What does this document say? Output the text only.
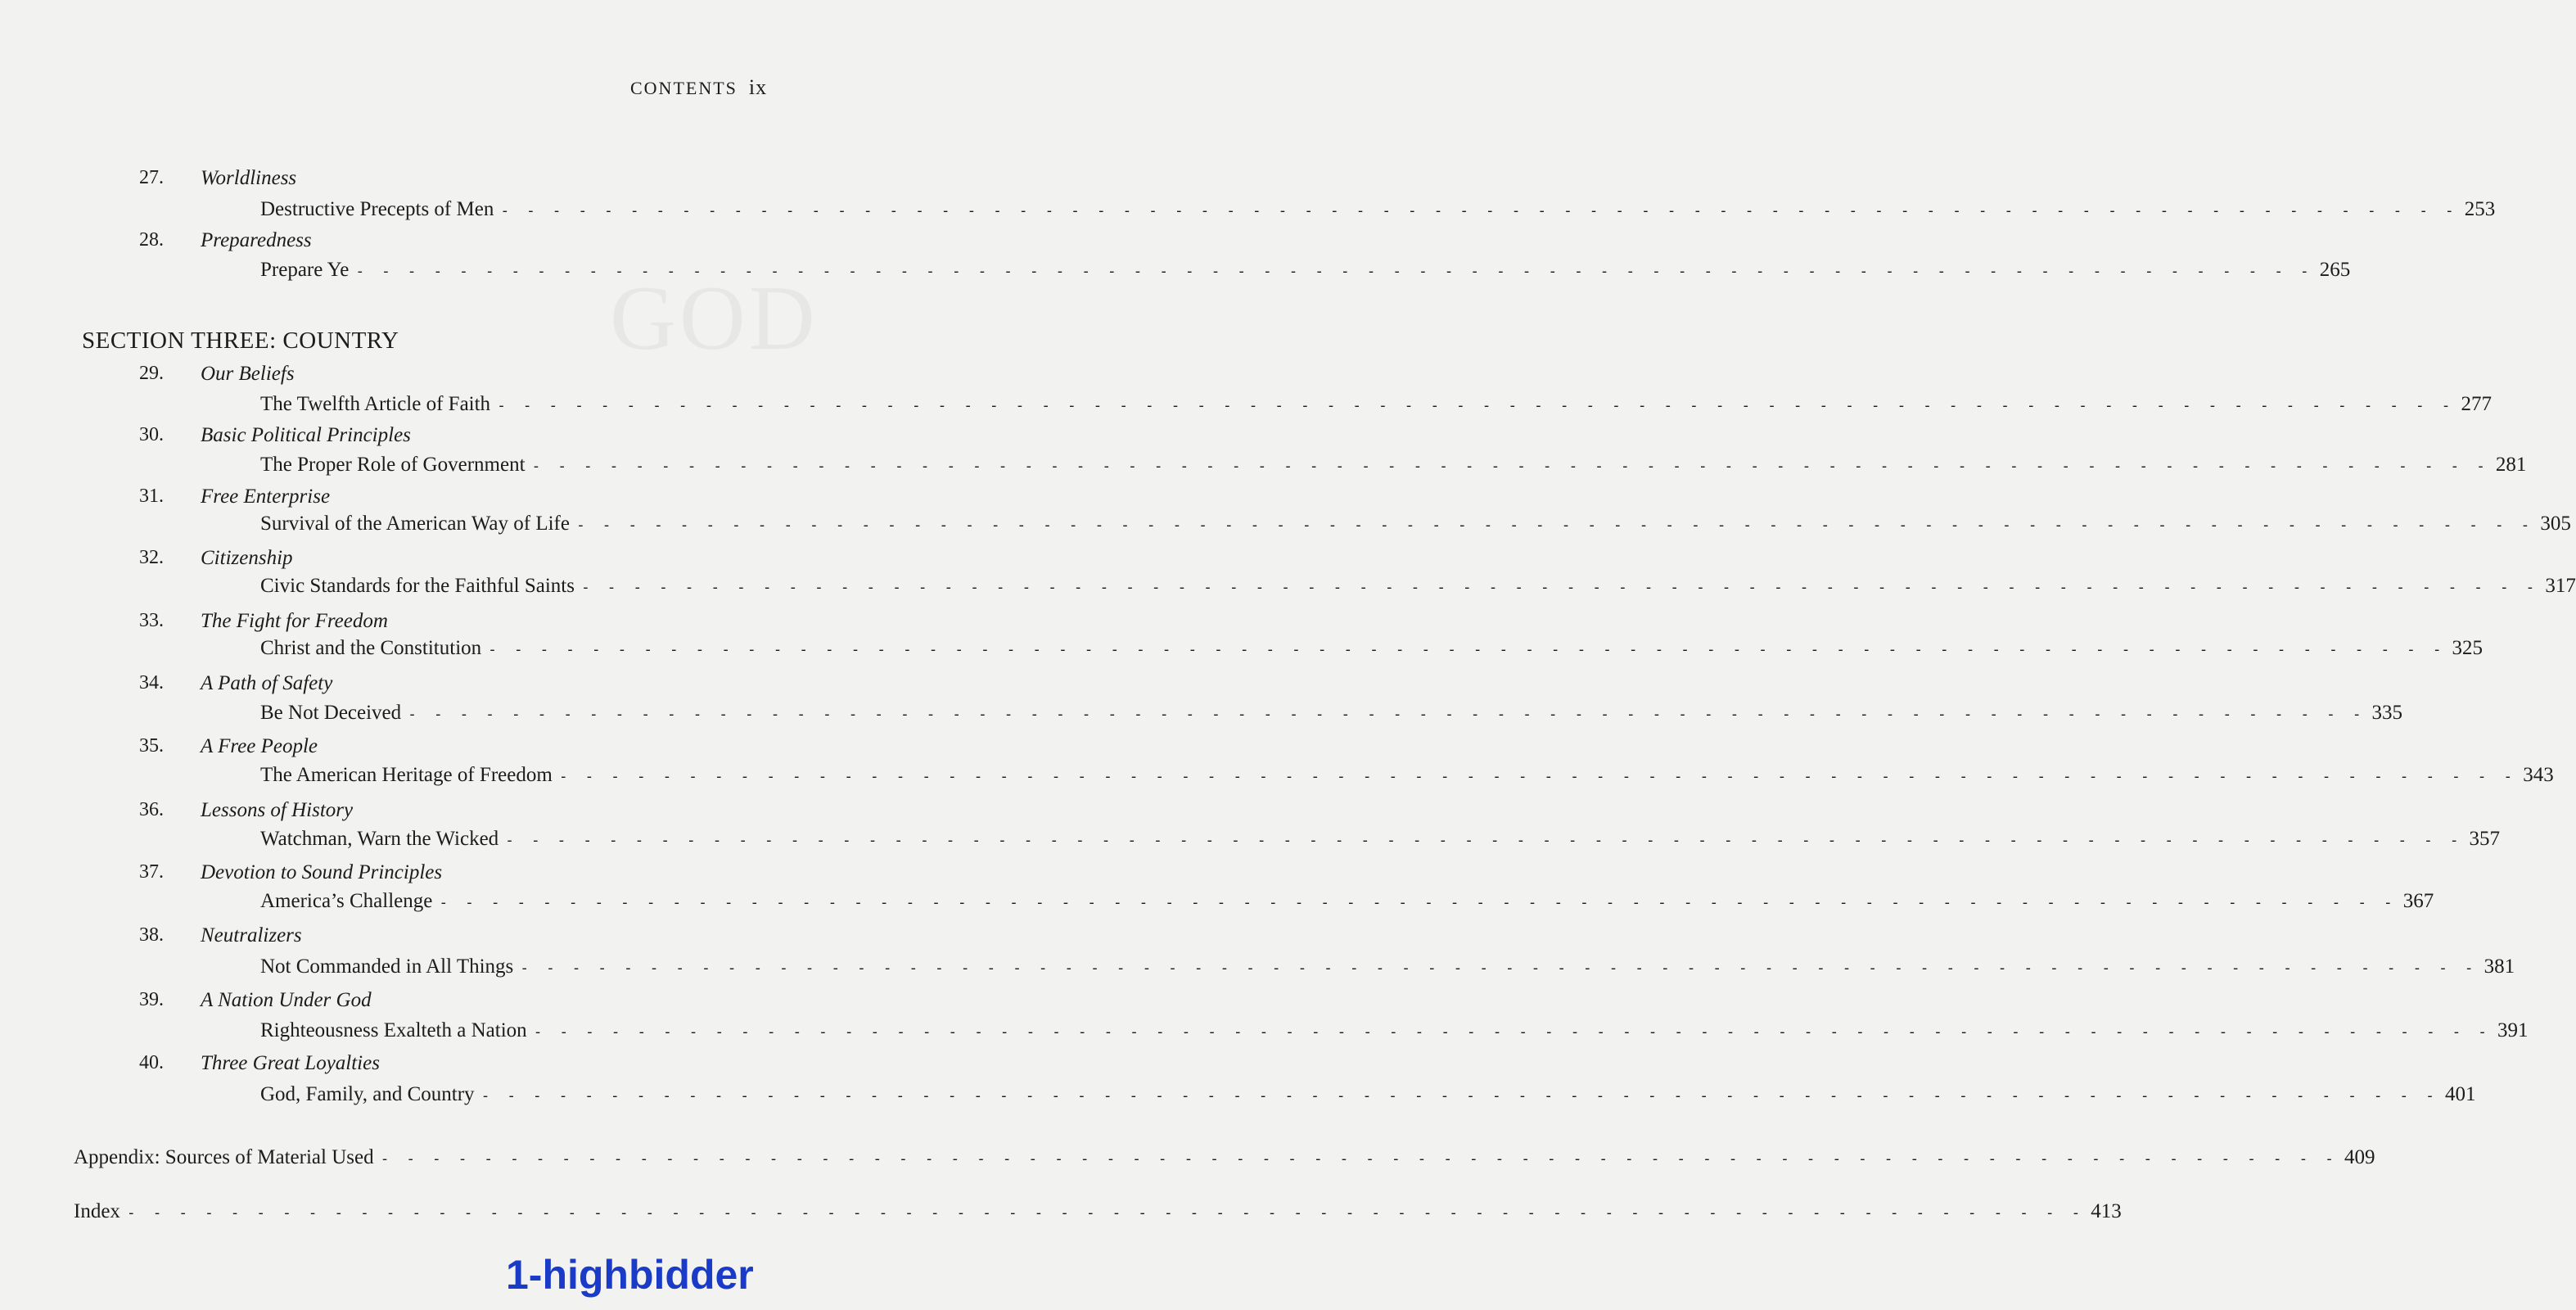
CONTENTS ix
27. Worldliness
Destructive Precepts of Men - - - - - - - - - - - - - - - - - - - - - - - - - - - - - - - - - - - - - - - - - - - - - - - - - - - - - - - - - - - - - - - - - - - - - - - - - - - - 253
28. Preparedness
Prepare Ye - - - - - - - - - - - - - - - - - - - - - - - - - - - - - - - - - - - - - - - - - - - - - - - - - - - - - - - - - - - - - - - - - - - - - - - - - - - - 265
SECTION THREE: COUNTRY
29. Our Beliefs
The Twelfth Article of Faith - - - - - - - - - - - - - - - - - - - - - - - - - - - - - - - - - - - - - - - - - - - - - - - - - - - - - - - - - - - - - - - - - - - - - - - - - - - - 277
30. Basic Political Principles
The Proper Role of Government - - - - - - - - - - - - - - - - - - - - - - - - - - - - - - - - - - - - - - - - - - - - - - - - - - - - - - - - - - - - - - - - - - - - - - - - - - - - 281
31. Free Enterprise
Survival of the American Way of Life - - - - - - - - - - - - - - - - - - - - - - - - - - - - - - - - - - - - - - - - - - - - - - - - - - - - - - - - - - - - - - - - - - - - - - - - - - - - 305
32. Citizenship
Civic Standards for the Faithful Saints - - - - - - - - - - - - - - - - - - - - - - - - - - - - - - - - - - - - - - - - - - - - - - - - - - - - - - - - - - - - - - - - - - - - - - - - - - - - 317
33. The Fight for Freedom
Christ and the Constitution - - - - - - - - - - - - - - - - - - - - - - - - - - - - - - - - - - - - - - - - - - - - - - - - - - - - - - - - - - - - - - - - - - - - - - - - - - - - 325
34. A Path of Safety
Be Not Deceived - - - - - - - - - - - - - - - - - - - - - - - - - - - - - - - - - - - - - - - - - - - - - - - - - - - - - - - - - - - - - - - - - - - - - - - - - - - - 335
35. A Free People
The American Heritage of Freedom - - - - - - - - - - - - - - - - - - - - - - - - - - - - - - - - - - - - - - - - - - - - - - - - - - - - - - - - - - - - - - - - - - - - - - - - - - - - 343
36. Lessons of History
Watchman, Warn the Wicked - - - - - - - - - - - - - - - - - - - - - - - - - - - - - - - - - - - - - - - - - - - - - - - - - - - - - - - - - - - - - - - - - - - - - - - - - - - - 357
37. Devotion to Sound Principles
America’s Challenge - - - - - - - - - - - - - - - - - - - - - - - - - - - - - - - - - - - - - - - - - - - - - - - - - - - - - - - - - - - - - - - - - - - - - - - - - - - - 367
38. Neutralizers
Not Commanded in All Things - - - - - - - - - - - - - - - - - - - - - - - - - - - - - - - - - - - - - - - - - - - - - - - - - - - - - - - - - - - - - - - - - - - - - - - - - - - - 381
39. A Nation Under God
Righteousness Exalteth a Nation - - - - - - - - - - - - - - - - - - - - - - - - - - - - - - - - - - - - - - - - - - - - - - - - - - - - - - - - - - - - - - - - - - - - - - - - - - - - 391
40. Three Great Loyalties
God, Family, and Country - - - - - - - - - - - - - - - - - - - - - - - - - - - - - - - - - - - - - - - - - - - - - - - - - - - - - - - - - - - - - - - - - - - - - - - - - - - - 401
Appendix: Sources of Material Used - - - - - - - - - - - - - - - - - - - - - - - - - - - - - - - - - - - - - - - - - - - - - - - - - - - - - - - - - - - - - - - - - - - - - - - - - - - - 409
Index - - - - - - - - - - - - - - - - - - - - - - - - - - - - - - - - - - - - - - - - - - - - - - - - - - - - - - - - - - - - - - - - - - - - - - - - - - - - 413
1-highbidder
